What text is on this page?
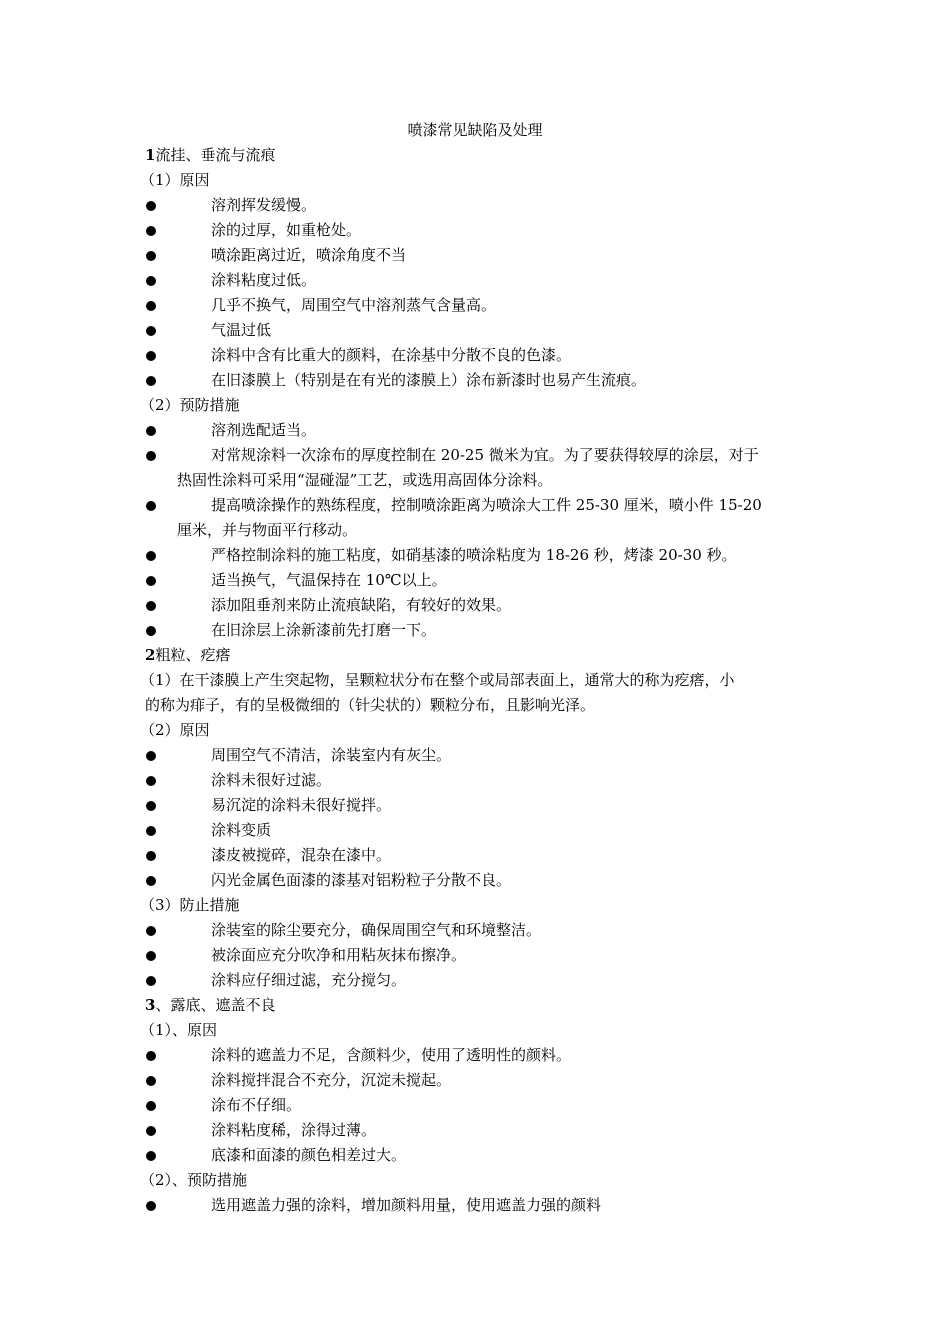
喷漆常见缺陷及处理
1流挂、垂流与流痕
（1）原因
溶剂挥发缓慢。
涂的过厚，如重枪处。
喷涂距离过近，喷涂角度不当
涂料粘度过低。
几乎不换气，周围空气中溶剂蒸气含量高。
气温过低
涂料中含有比重大的颜料，在涂基中分散不良的色漆。
在旧漆膜上（特别是在有光的漆膜上）涂布新漆时也易产生流痕。
（2）预防措施
溶剂选配适当。
对常规涂料一次涂布的厚度控制在 20-25 微米为宜。为了要获得较厚的涂层，对于
热固性涂料可采用“湿碰湿”工艺，或选用高固体分涂料。
提高喷涂操作的熟练程度，控制喷涂距离为喷涂大工件 25-30 厘米，喷小件 15-20
厘米，并与物面平行移动。
严格控制涂料的施工粘度，如硝基漆的喷涂粘度为 18-26 秒，烤漆 20-30 秒。
适当换气，气温保持在 10℃以上。
添加阻垂剂来防止流痕缺陷，有较好的效果。
在旧涂层上涂新漆前先打磨一下。
2粗粒、疙瘩
（1）在干漆膜上产生突起物，呈颗粒状分布在整个或局部表面上，通常大的称为疙瘩，小
的称为痱子，有的呈极微细的（针尖状的）颗粒分布，且影响光泽。
（2）原因
周围空气不清洁，涂装室内有灰尘。
涂料未很好过滤。
易沉淀的涂料未很好搅拌。
涂料变质
漆皮被搅碎，混杂在漆中。
闪光金属色面漆的漆基对铝粉粒子分散不良。
（3）防止措施
涂装室的除尘要充分，确保周围空气和环境整洁。
被涂面应充分吹净和用粘灰抹布擦净。
涂料应仔细过滤，充分搅匀。
3、露底、遮盖不良
（1）、原因
涂料的遮盖力不足，含颜料少，使用了透明性的颜料。
涂料搅拌混合不充分，沉淀未搅起。
涂布不仔细。
涂料粘度稀，涂得过薄。
底漆和面漆的颜色相差过大。
（2）、预防措施
选用遮盖力强的涂料，增加颜料用量，使用遮盖力强的颜料
